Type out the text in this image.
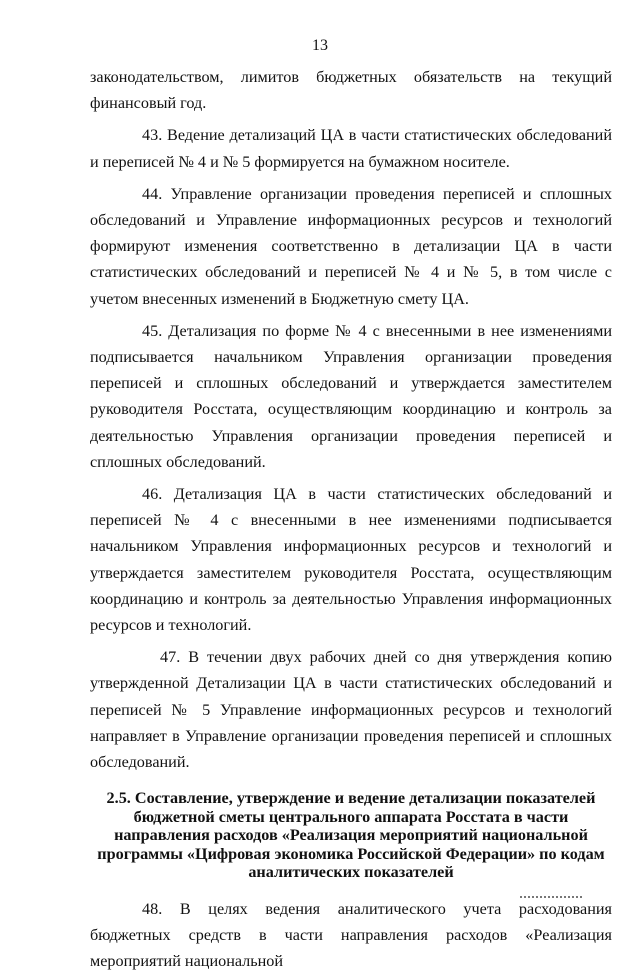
13

законодательством, лимитов бюджетных обязательств на текущий финансовый год.

43. Ведение детализаций ЦА в части статистических обследований и переписей № 4 и № 5 формируется на бумажном носителе.

44. Управление организации проведения переписей и сплошных обследований и Управление информационных ресурсов и технологий формируют изменения соответственно в детализации ЦА в части статистических обследований и переписей № 4 и № 5, в том числе с учетом внесенных изменений в Бюджетную смету ЦА.

45. Детализация по форме № 4 с внесенными в нее изменениями подписывается начальником Управления организации проведения переписей и сплошных обследований и утверждается заместителем руководителя Росстата, осуществляющим координацию и контроль за деятельностью Управления организации проведения переписей и сплошных обследований.

46. Детализация ЦА в части статистических обследований и переписей № 4 с внесенными в нее изменениями подписывается начальником Управления информационных ресурсов и технологий и утверждается заместителем руководителя Росстата, осуществляющим координацию и контроль за деятельностью Управления информационных ресурсов и технологий.

47. В течении двух рабочих дней со дня утверждения копию утвержденной Детализации ЦА в части статистических обследований и переписей № 5 Управление информационных ресурсов и технологий направляет в Управление организации проведения переписей и сплошных обследований.

2.5. Составление, утверждение и ведение детализации показателей бюджетной сметы центрального аппарата Росстата в части направления расходов «Реализация мероприятий национальной программы «Цифровая экономика Российской Федерации» по кодам аналитических показателей

48. В целях ведения аналитического учета расходования бюджетных средств в части направления расходов «Реализация мероприятий национальной
